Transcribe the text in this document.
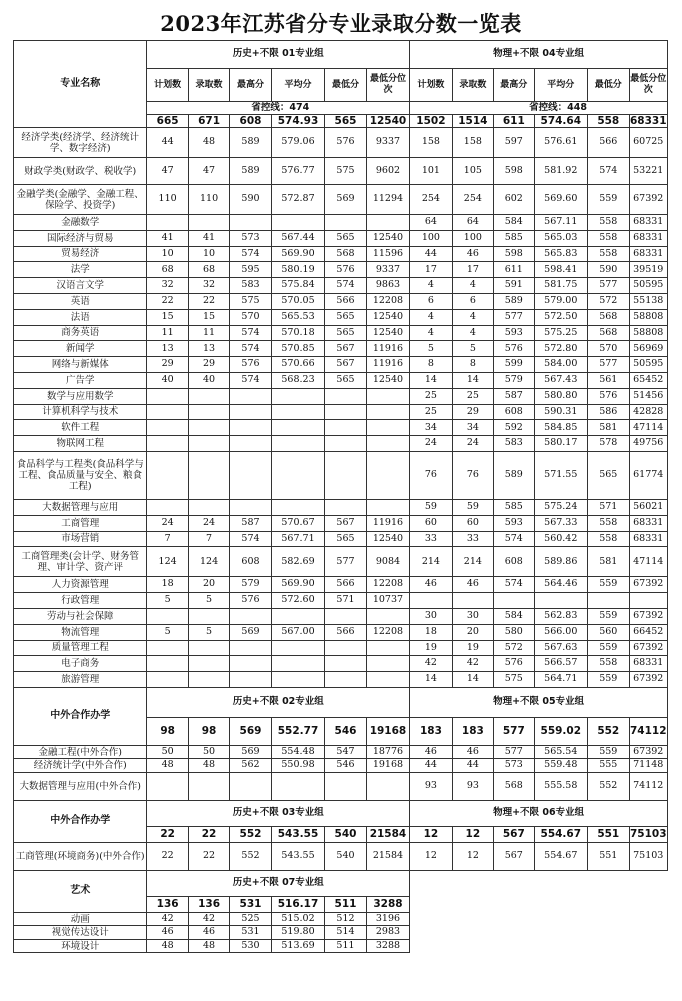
2023年江苏省分专业录取分数一览表
专业名称	历史+不限 01专业组						物理+不限 04专业组					
	计划数	录取数	最高分	平均分	最低分	最低分位次	计划数	录取数	最高分	平均分	最低分	最低分位次
	省控线：474						省控线：448					
	665	671	608	574.93	565	12540	1502	1514	611	574.64	558	68331
经济学类(经济学、经济统计学、数字经济)	44	48	589	579.06	576	9337	158	158	597	576.61	566	60725
财政学类(财政学、税收学)	47	47	589	576.77	575	9602	101	105	598	581.92	574	53221
金融学类(金融学、金融工程、保险学、投资学)	110	110	590	572.87	569	11294	254	254	602	569.60	559	67392
金融数学							64	64	584	567.11	558	68331
国际经济与贸易	41	41	573	567.44	565	12540	100	100	585	565.03	558	68331
贸易经济	10	10	574	569.90	568	11596	44	46	598	565.83	558	68331
法学	68	68	595	580.19	576	9337	17	17	611	598.41	590	39519
汉语言文学	32	32	583	575.84	574	9863	4	4	591	581.75	577	50595
英语	22	22	575	570.05	566	12208	6	6	589	579.00	572	55138
法语	15	15	570	565.53	565	12540	4	4	577	572.50	568	58808
商务英语	11	11	574	570.18	565	12540	4	4	593	575.25	568	58808
新闻学	13	13	574	570.85	567	11916	5	5	576	572.80	570	56969
网络与新媒体	29	29	576	570.66	567	11916	8	8	599	584.00	577	50595
广告学	40	40	574	568.23	565	12540	14	14	579	567.43	561	65452
数学与应用数学							25	25	587	580.80	576	51456
计算机科学与技术							25	29	608	590.31	586	42828
软件工程							34	34	592	584.85	581	47114
物联网工程							24	24	583	580.17	578	49756
食品科学与工程类(食品科学与工程、食品质量与安全、粮食工程)							76	76	589	571.55	565	61774
大数据管理与应用							59	59	585	575.24	571	56021
工商管理	24	24	587	570.67	567	11916	60	60	593	567.33	558	68331
市场营销	7	7	574	567.71	565	12540	33	33	574	560.42	558	68331
工商管理类(会计学、财务管理、审计学、资产评	124	124	608	582.69	577	9084	214	214	608	589.86	581	47114
人力资源管理	18	20	579	569.90	566	12208	46	46	574	564.46	559	67392
行政管理	5	5	576	572.60	571	10737						
劳动与社会保障							30	30	584	562.83	559	67392
物流管理	5	5	569	567.00	566	12208	18	20	580	566.00	560	66452
质量管理工程							19	19	572	567.63	559	67392
电子商务							42	42	576	566.57	558	68331
旅游管理							14	14	575	564.71	559	67392
中外合作办学	历史+不限 02专业组						物理+不限 05专业组					
	98	98	569	552.77	546	19168	183	183	577	559.02	552	74112
金融工程(中外合作)	50	50	569	554.48	547	18776	46	46	577	565.54	559	67392
经济统计学(中外合作)	48	48	562	550.98	546	19168	44	44	573	559.48	555	71148
大数据管理与应用(中外合作)							93	93	568	555.58	552	74112
中外合作办学	历史+不限 03专业组						物理+不限 06专业组					
	22	22	552	543.55	540	21584	12	12	567	554.67	551	75103
工商管理(环境商务)(中外合作)	22	22	552	543.55	540	21584	12	12	567	554.67	551	75103
艺术	历史+不限 07专业组											
	136	136	531	516.17	511	3288						
动画	42	42	525	515.02	512	3196						
视觉传达设计	46	46	531	519.80	514	2983						
环境设计	48	48	530	513.69	511	3288						
